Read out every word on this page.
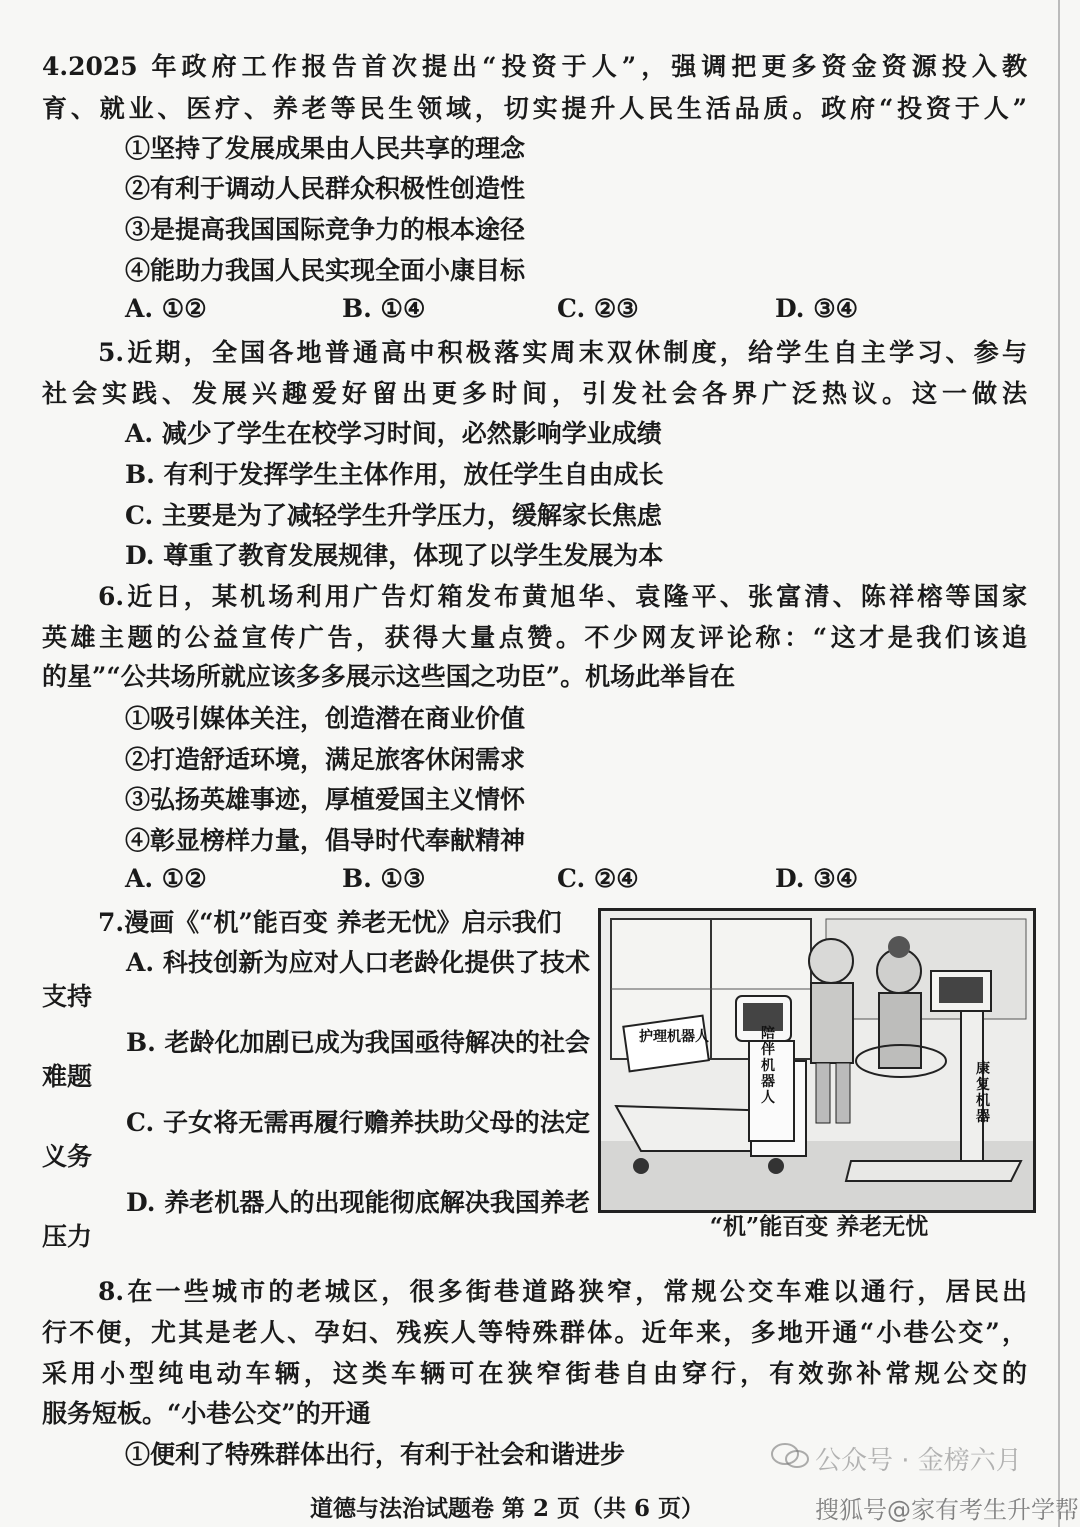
4.2025 年政府工作报告首次提出“投资于人”，强调把更多资金资源投入教
育、就业、医疗、养老等民生领域，切实提升人民生活品质。政府“投资于人”
①坚持了发展成果由人民共享的理念
②有利于调动人民群众积极性创造性
③是提高我国国际竞争力的根本途径
④能助力我国人民实现全面小康目标
A. ①②	B. ①④	C. ②③	D. ③④
5.近期，全国各地普通高中积极落实周末双休制度，给学生自主学习、参与
社会实践、发展兴趣爱好留出更多时间，引发社会各界广泛热议。这一做法
A. 减少了学生在校学习时间，必然影响学业成绩
B. 有利于发挥学生主体作用，放任学生自由成长
C. 主要是为了减轻学生升学压力，缓解家长焦虑
D. 尊重了教育发展规律，体现了以学生发展为本
6.近日，某机场利用广告灯箱发布黄旭华、袁隆平、张富清、陈祥榕等国家
英雄主题的公益宣传广告，获得大量点赞。不少网友评论称：“这才是我们该追
的星”“公共场所就应该多多展示这些国之功臣”。机场此举旨在
①吸引媒体关注，创造潜在商业价值
②打造舒适环境，满足旅客休闲需求
③弘扬英雄事迹，厚植爱国主义情怀
④彰显榜样力量，倡导时代奉献精神
A. ①②	B. ①③	C. ②④	D. ③④
7.漫画《“机”能百变 养老无忧》启示我们
A. 科技创新为应对人口老龄化提供了技术支持
B. 老龄化加剧已成为我国亟待解决的社会难题
C. 子女将无需再履行赡养扶助父母的法定义务
D. 养老机器人的出现能彻底解决我国养老压力
护理机器人	陪伴机器人
康复机器
“机”能百变 养老无忧
8.在一些城市的老城区，很多街巷道路狭窄，常规公交车难以通行，居民出
行不便，尤其是老人、孕妇、残疾人等特殊群体。近年来，多地开通“小巷公交”，
采用小型纯电动车辆，这类车辆可在狭窄街巷自由穿行，有效弥补常规公交的
服务短板。“小巷公交”的开通
①便利了特殊群体出行，有利于社会和谐进步	公众号 · 金榜六月
道德与法治试题卷 第 2 页（共 6 页）	搜狐号@家有考生升学帮
